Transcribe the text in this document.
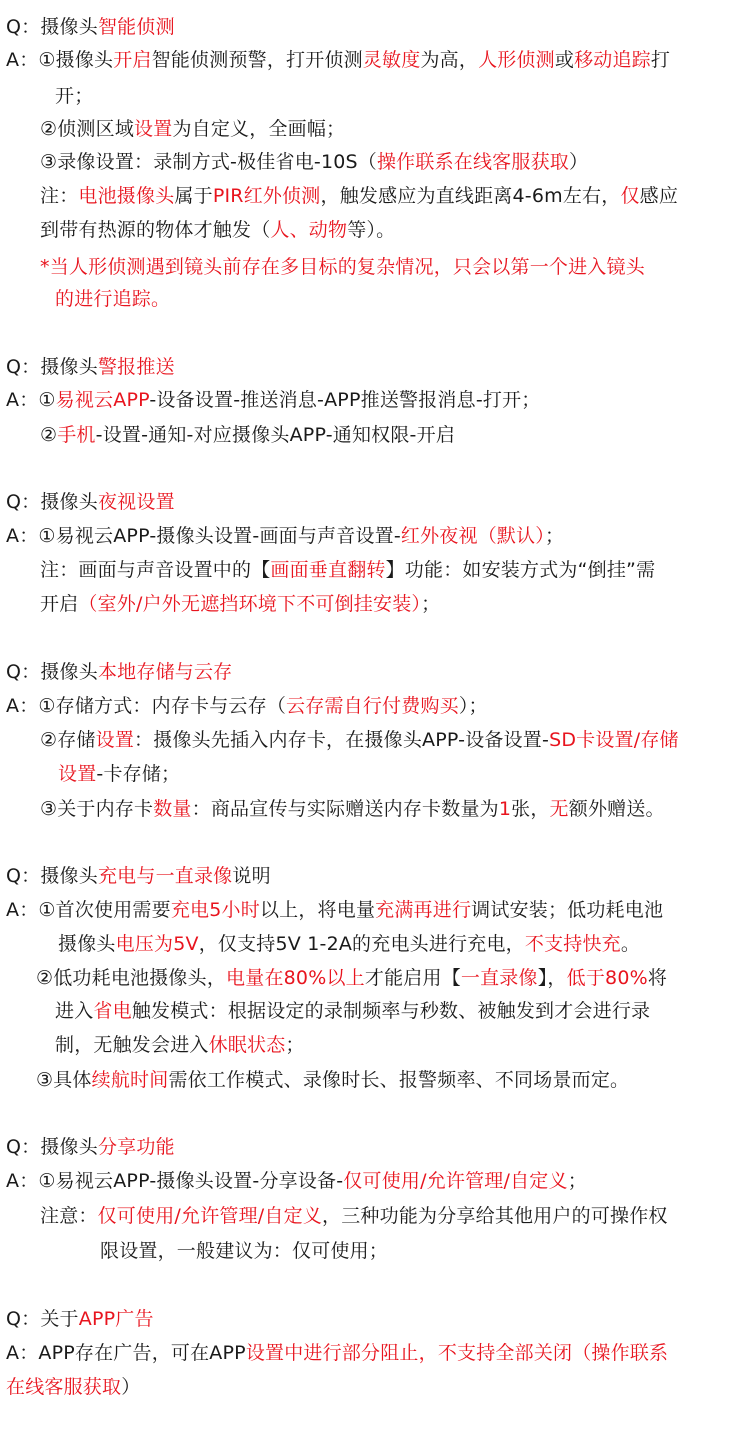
Q：摄像头智能侦测
A：①摄像头开启智能侦测预警，打开侦测灵敏度为高，人形侦测或移动追踪打
开；
②侦测区域设置为自定义，全画幅；
③录像设置：录制方式-极佳省电-10S（操作联系在线客服获取）
注：电池摄像头属于PIR红外侦测，触发感应为直线距离4-6m左右，仅感应
到带有热源的物体才触发（人、动物等）。
*当人形侦测遇到镜头前存在多目标的复杂情况，只会以第一个进入镜头
的进行追踪。
Q：摄像头警报推送
A：①易视云APP-设备设置-推送消息-APP推送警报消息-打开；
②手机-设置-通知-对应摄像头APP-通知权限-开启
Q：摄像头夜视设置
A：①易视云APP-摄像头设置-画面与声音设置-红外夜视（默认）；
注：画面与声音设置中的【画面垂直翻转】功能：如安装方式为“倒挂”需
开启（室外/户外无遮挡环境下不可倒挂安装）；
Q：摄像头本地存储与云存
A：①存储方式：内存卡与云存（云存需自行付费购买）；
②存储设置：摄像头先插入内存卡，在摄像头APP-设备设置-SD卡设置/存储
设置-卡存储；
③关于内存卡数量：商品宣传与实际赠送内存卡数量为1张，无额外赠送。
Q：摄像头充电与一直录像说明
A：①首次使用需要充电5小时以上，将电量充满再进行调试安装；低功耗电池
摄像头电压为5V，仅支持5V 1-2A的充电头进行充电，不支持快充。
②低功耗电池摄像头，电量在80%以上才能启用【一直录像】，低于80%将
进入省电触发模式：根据设定的录制频率与秒数、被触发到才会进行录
制，无触发会进入休眠状态；
③具体续航时间需依工作模式、录像时长、报警频率、不同场景而定。
Q：摄像头分享功能
A：①易视云APP-摄像头设置-分享设备-仅可使用/允许管理/自定义；
注意：仅可使用/允许管理/自定义，三种功能为分享给其他用户的可操作权
限设置，一般建议为：仅可使用；
Q：关于APP广告
A：APP存在广告，可在APP设置中进行部分阻止，不支持全部关闭（操作联系
在线客服获取）
